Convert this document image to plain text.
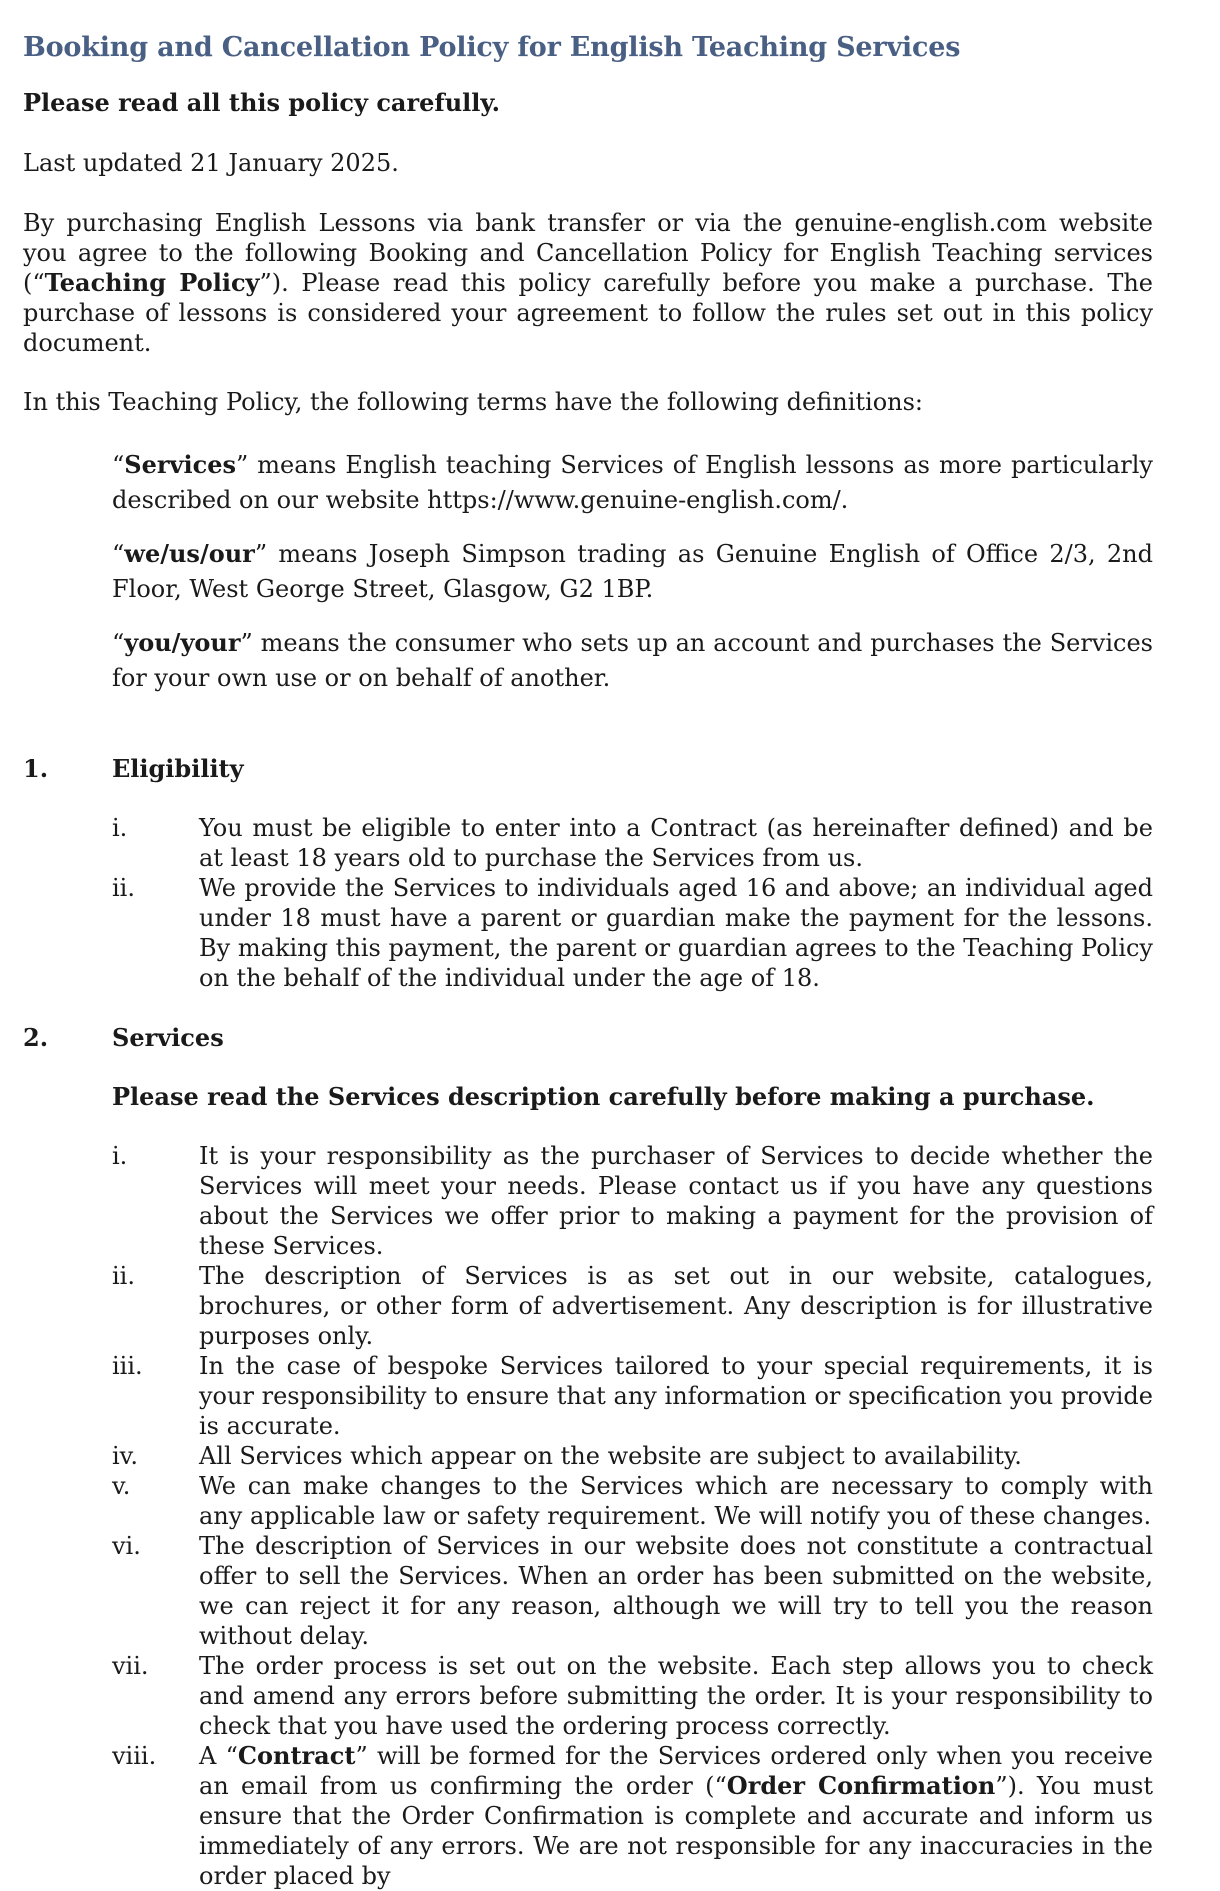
Booking and Cancellation Policy for English Teaching Services

Please read all this policy carefully.

Last updated 21 January 2025.

By purchasing English Lessons via bank transfer or via the genuine-english.com website you agree to the following Booking and Cancellation Policy for English Teaching services (“Teaching Policy”). Please read this policy carefully before you make a purchase. The purchase of lessons is considered your agreement to follow the rules set out in this policy document.

In this Teaching Policy, the following terms have the following definitions:

“Services” means English teaching Services of English lessons as more particularly described on our website https://www.genuine-english.com/.

“we/us/our” means Joseph Simpson trading as Genuine English of Office 2/3, 2nd Floor, West George Street, Glasgow, G2 1BP.

“you/your” means the consumer who sets up an account and purchases the Services for your own use or on behalf of another.

1.	Eligibility
i.	You must be eligible to enter into a Contract (as hereinafter defined) and be at least 18 years old to purchase the Services from us.
ii.	We provide the Services to individuals aged 16 and above; an individual aged under 18 must have a parent or guardian make the payment for the lessons. By making this payment, the parent or guardian agrees to the Teaching Policy on the behalf of the individual under the age of 18.
2.	Services

Please read the Services description carefully before making a purchase.

i.	It is your responsibility as the purchaser of Services to decide whether the Services will meet your needs. Please contact us if you have any questions about the Services we offer prior to making a payment for the provision of these Services.
ii.	The description of Services is as set out in our website, catalogues, brochures, or other form of advertisement. Any description is for illustrative purposes only.
iii.	In the case of bespoke Services tailored to your special requirements, it is your responsibility to ensure that any information or specification you provide is accurate.
iv.	All Services which appear on the website are subject to availability.
v.	We can make changes to the Services which are necessary to comply with any applicable law or safety requirement. We will notify you of these changes.
vi.	The description of Services in our website does not constitute a contractual offer to sell the Services. When an order has been submitted on the website, we can reject it for any reason, although we will try to tell you the reason without delay.
vii.	The order process is set out on the website. Each step allows you to check and amend any errors before submitting the order. It is your responsibility to check that you have used the ordering process correctly.
viii.	A “Contract” will be formed for the Services ordered only when you receive an email from us confirming the order (“Order Confirmation”). You must ensure that the Order Confirmation is complete and accurate and inform us immediately of any errors. We are not responsible for any inaccuracies in the order placed by
